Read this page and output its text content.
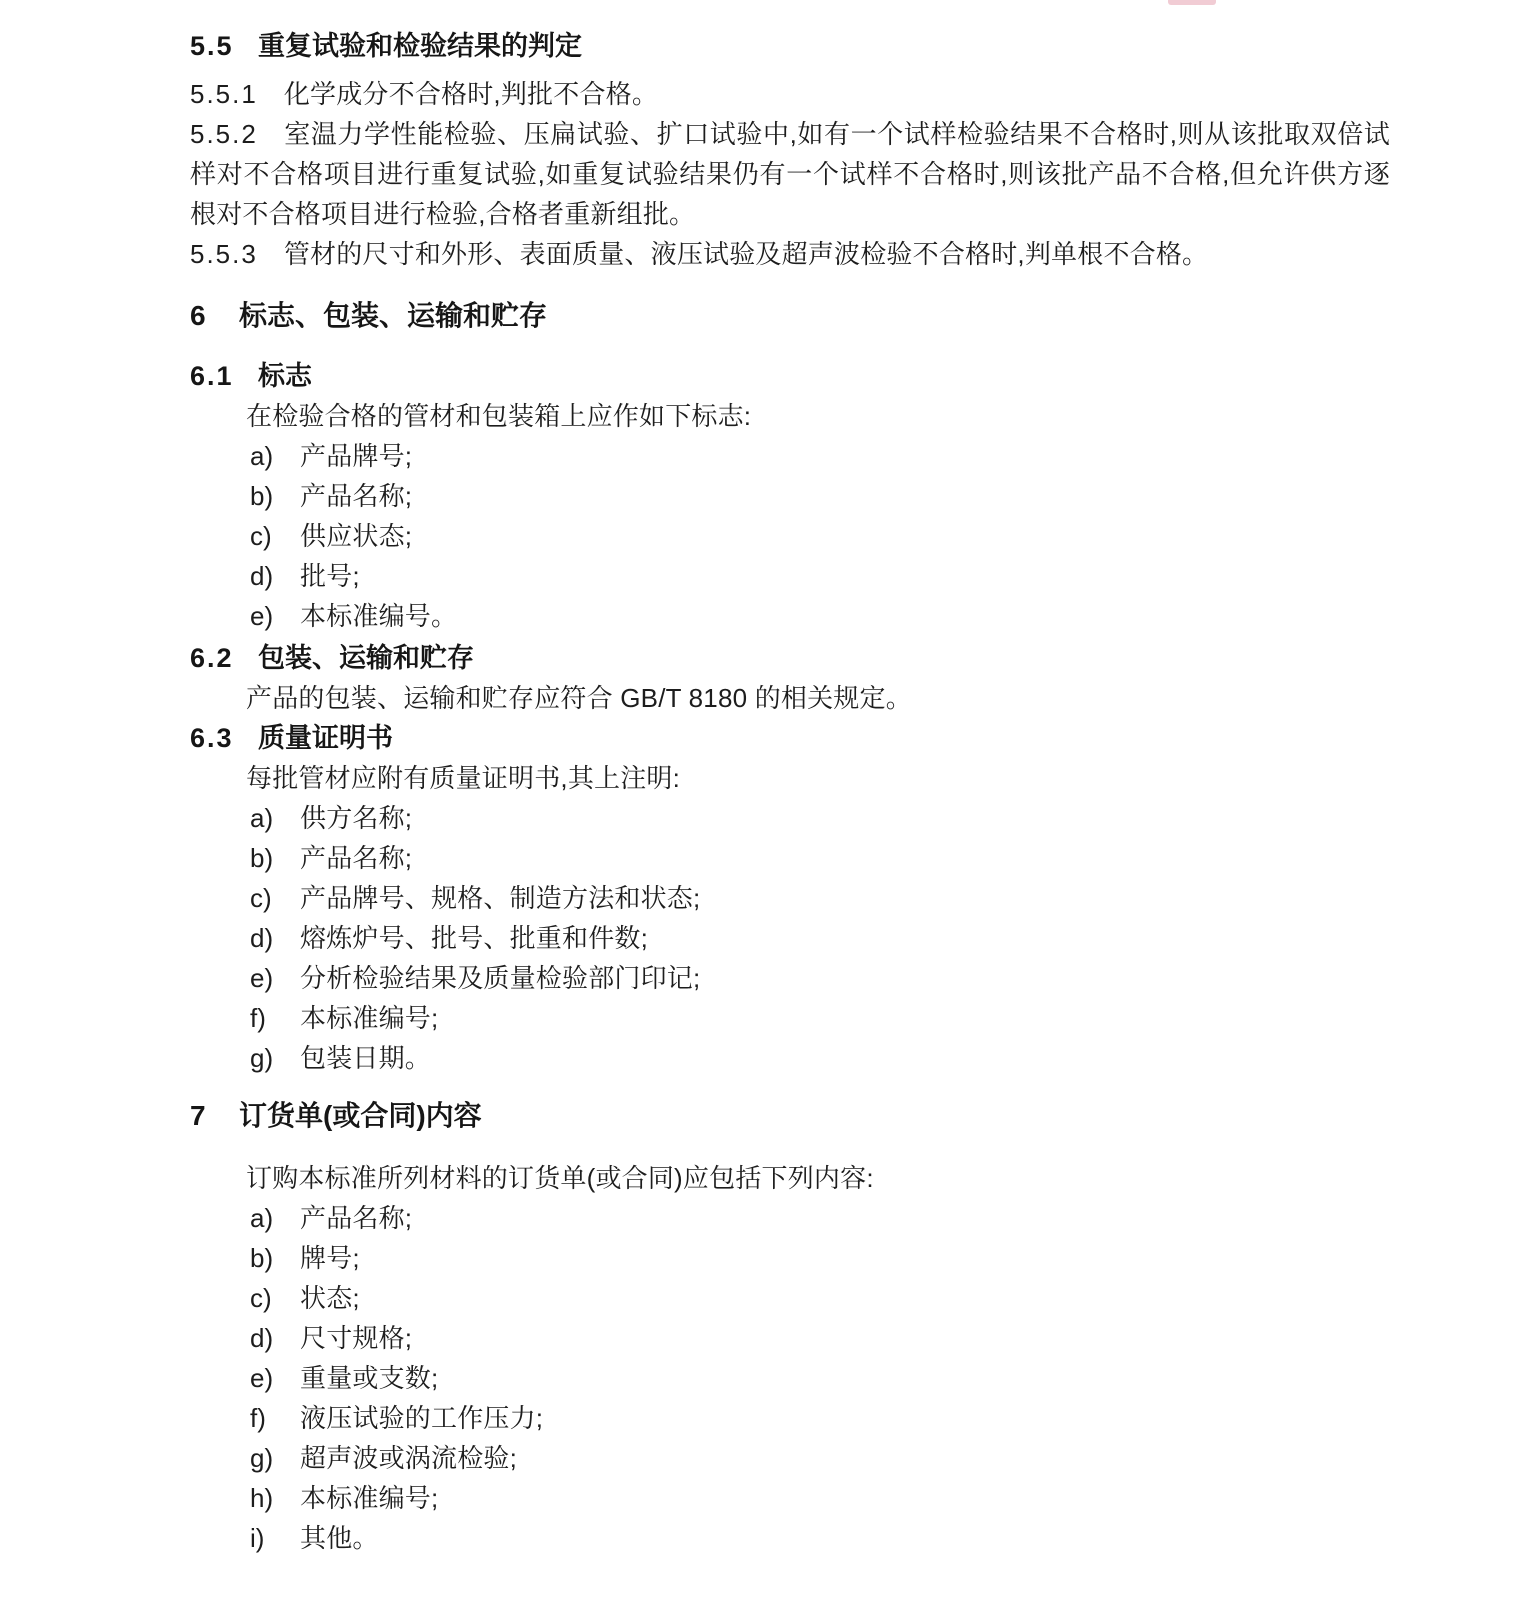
5.5 重复试验和检验结果的判定

5.5.1 化学成分不合格时,判批不合格。

5.5.2 室温力学性能检验、压扁试验、扩口试验中,如有一个试样检验结果不合格时,则从该批取双倍试样对不合格项目进行重复试验,如重复试验结果仍有一个试样不合格时,则该批产品不合格,但允许供方逐根对不合格项目进行检验,合格者重新组批。

5.5.3 管材的尺寸和外形、表面质量、液压试验及超声波检验不合格时,判单根不合格。

6	标志、包装、运输和贮存
6.1 标志

在检验合格的管材和包装箱上应作如下标志:

a)	产品牌号;
b)	产品名称;
c)	供应状态;
d)	批号;
e)	本标准编号。
6.2 包装、运输和贮存

产品的包装、运输和贮存应符合 GB/T 8180 的相关规定。

6.3 质量证明书

每批管材应附有质量证明书,其上注明:

a)	供方名称;
b)	产品名称;
c)	产品牌号、规格、制造方法和状态;
d)	熔炼炉号、批号、批重和件数;
e)	分析检验结果及质量检验部门印记;
f)	本标准编号;
g)	包装日期。
7	订货单(或合同)内容

订购本标准所列材料的订货单(或合同)应包括下列内容:

a)	产品名称;
b)	牌号;
c)	状态;
d)	尺寸规格;
e)	重量或支数;
f)	液压试验的工作压力;
g)	超声波或涡流检验;
h)	本标准编号;
i)	其他。
